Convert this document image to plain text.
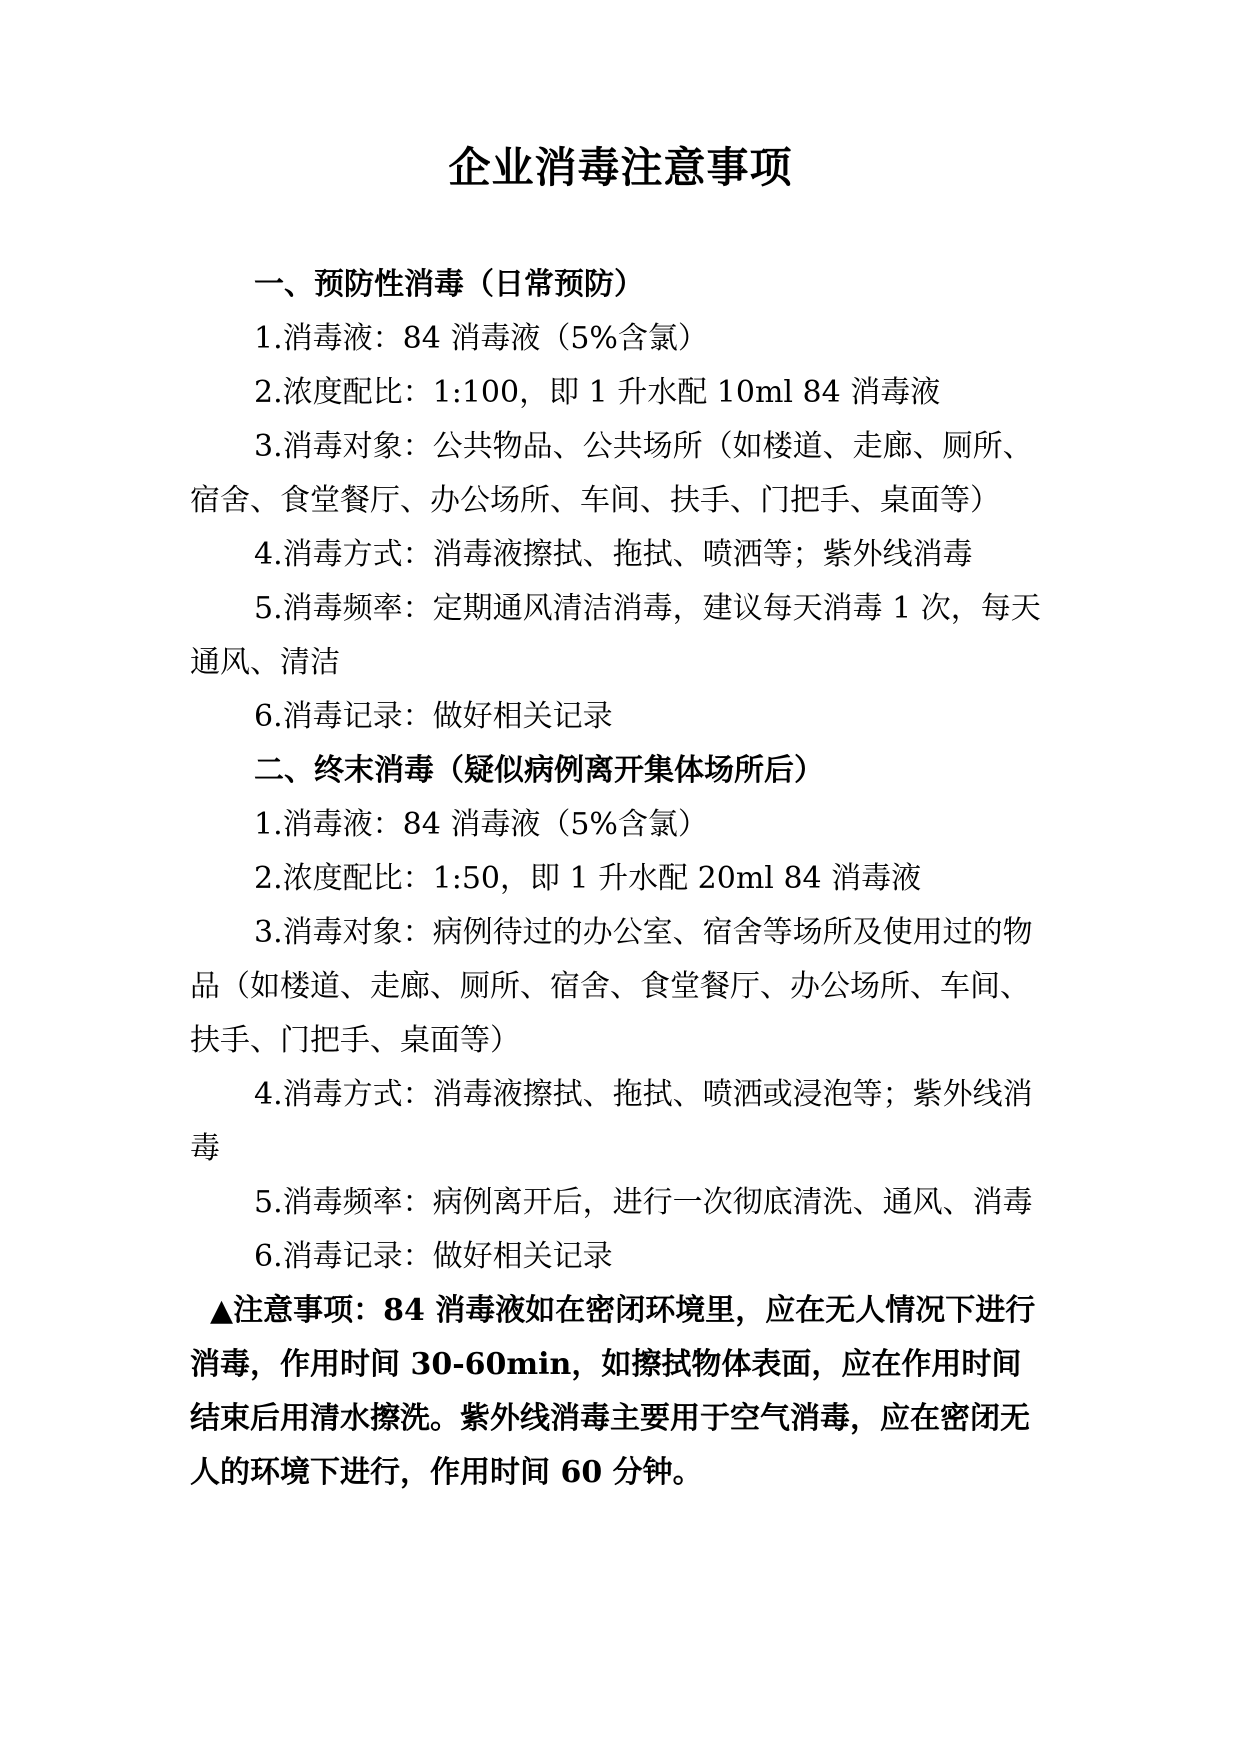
企业消毒注意事项

一、预防性消毒（日常预防）

1.消毒液：84 消毒液（5%含氯）

2.浓度配比：1:100，即 1 升水配 10ml 84 消毒液

3.消毒对象：公共物品、公共场所（如楼道、走廊、厕所、宿舍、食堂餐厅、办公场所、车间、扶手、门把手、桌面等）

4.消毒方式：消毒液擦拭、拖拭、喷洒等；紫外线消毒

5.消毒频率：定期通风清洁消毒，建议每天消毒 1 次，每天通风、清洁

6.消毒记录：做好相关记录

二、终末消毒（疑似病例离开集体场所后）

1.消毒液：84 消毒液（5%含氯）

2.浓度配比：1:50，即 1 升水配 20ml 84 消毒液

3.消毒对象：病例待过的办公室、宿舍等场所及使用过的物品（如楼道、走廊、厕所、宿舍、食堂餐厅、办公场所、车间、扶手、门把手、桌面等）

4.消毒方式：消毒液擦拭、拖拭、喷洒或浸泡等；紫外线消毒

5.消毒频率：病例离开后，进行一次彻底清洗、通风、消毒

6.消毒记录：做好相关记录

▲注意事项：84 消毒液如在密闭环境里，应在无人情况下进行消毒，作用时间 30-60min，如擦拭物体表面，应在作用时间结束后用清水擦洗。紫外线消毒主要用于空气消毒，应在密闭无人的环境下进行，作用时间 60 分钟。
